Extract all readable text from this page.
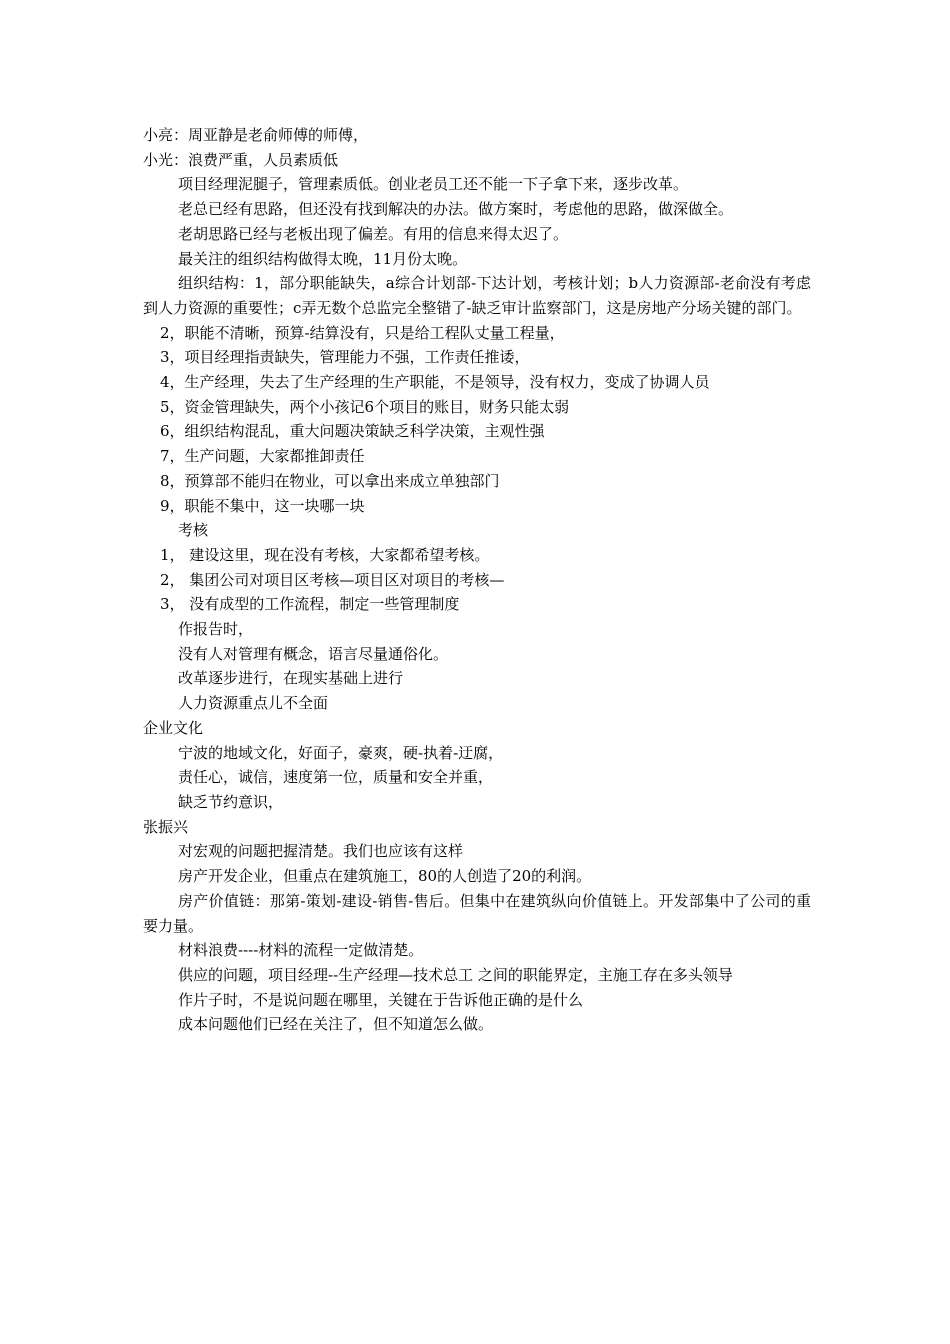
小亮：周亚静是老俞师傅的师傅，

小光：浪费严重，人员素质低

项目经理泥腿子，管理素质低。创业老员工还不能一下子拿下来，逐步改革。

老总已经有思路，但还没有找到解决的办法。做方案时，考虑他的思路，做深做全。

老胡思路已经与老板出现了偏差。有用的信息来得太迟了。

最关注的组织结构做得太晚，11月份太晚。

组织结构：1，部分职能缺失，a综合计划部-下达计划，考核计划；b人力资源部-老俞没有考虑到人力资源的重要性；c弄无数个总监完全整错了-缺乏审计监察部门，这是房地产分场关键的部门。

2，职能不清晰，预算-结算没有，只是给工程队丈量工程量，

3，项目经理指责缺失，管理能力不强，工作责任推诿，

4，生产经理，失去了生产经理的生产职能，不是领导，没有权力，变成了协调人员

5，资金管理缺失，两个小孩记6个项目的账目，财务只能太弱

6，组织结构混乱，重大问题决策缺乏科学决策，主观性强

7，生产问题，大家都推卸责任

8，预算部不能归在物业，可以拿出来成立单独部门

9，职能不集中，这一块哪一块

考核

1， 建设这里，现在没有考核，大家都希望考核。

2， 集团公司对项目区考核—项目区对项目的考核—

3， 没有成型的工作流程，制定一些管理制度

作报告时，

没有人对管理有概念，语言尽量通俗化。

改革逐步进行，在现实基础上进行

人力资源重点儿不全面

企业文化

宁波的地域文化，好面子，豪爽，硬-执着-迂腐，

责任心，诚信，速度第一位，质量和安全并重，

缺乏节约意识，

张振兴

对宏观的问题把握清楚。我们也应该有这样

房产开发企业，但重点在建筑施工，80的人创造了20的利润。

房产价值链：那第-策划-建设-销售-售后。但集中在建筑纵向价值链上。开发部集中了公司的重要力量。

材料浪费----材料的流程一定做清楚。

供应的问题，项目经理--生产经理—技术总工 之间的职能界定，主施工存在多头领导

作片子时，不是说问题在哪里，关键在于告诉他正确的是什么

成本问题他们已经在关注了，但不知道怎么做。
